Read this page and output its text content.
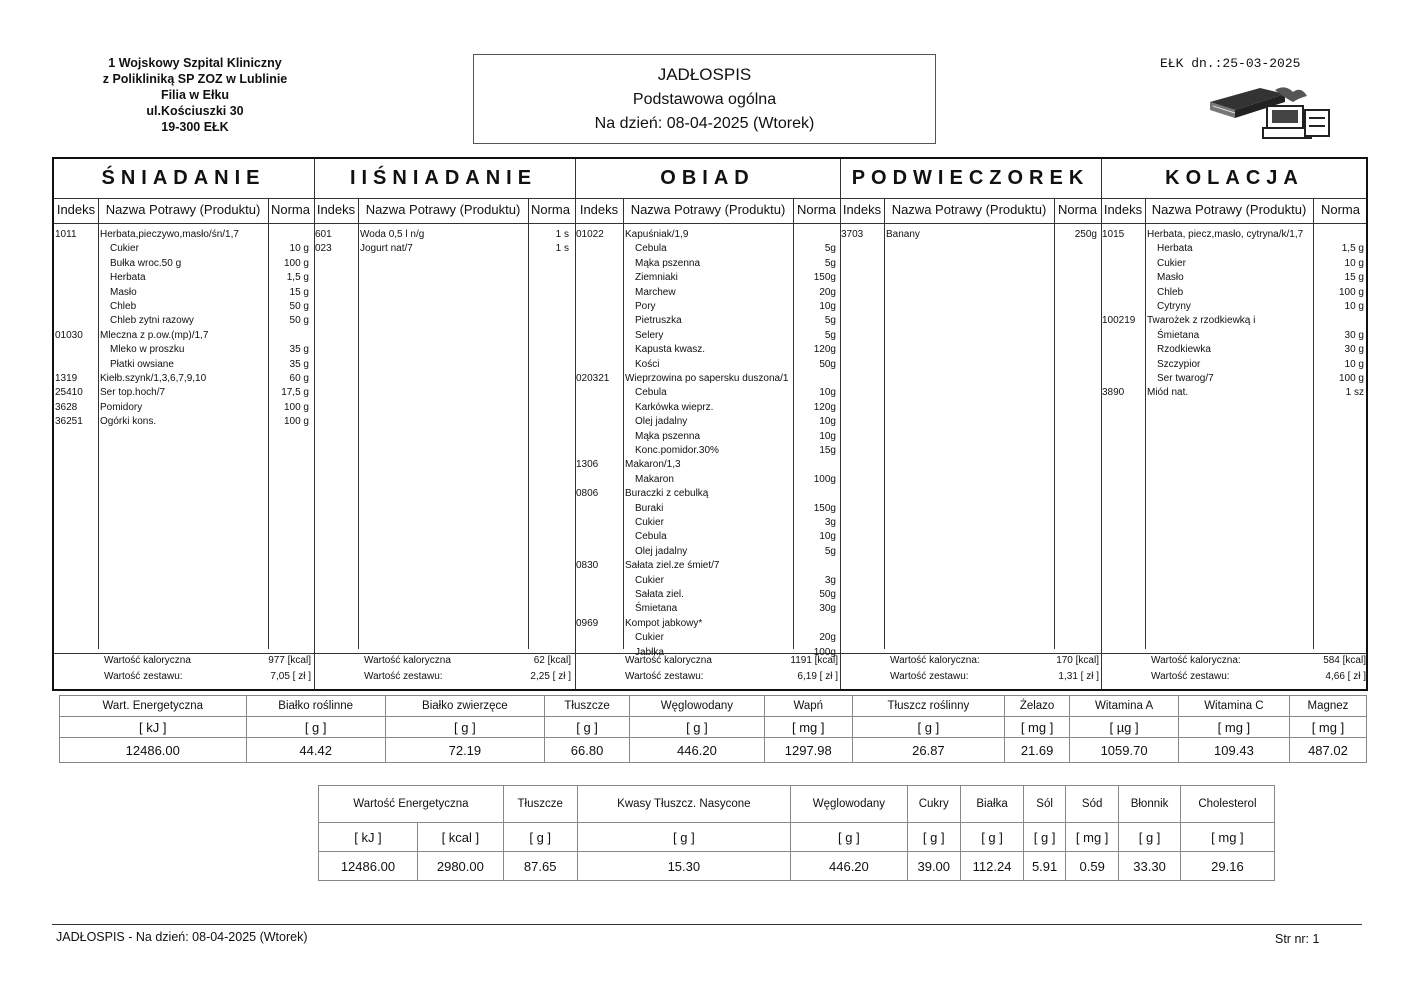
1 Wojskowy Szpital Kliniczny
z Polikliniką SP ZOZ w Lublinie
Filia w Ełku
ul.Kościuszki 30
19-300 EŁK
JADŁOSPIS
Podstawowa ogólna
Na dzień: 08-04-2025 (Wtorek)
EŁK dn.:25-03-2025
ŚNIADANIE
Indeks Nazwa Potrawy (Produktu) Norma
1011	Herbata,pieczywo,masło/śn/1,7
Cukier	10 g
Bułka wroc.50 g	100 g
Herbata	1,5 g
Masło	15 g
Chleb	50 g
Chleb zytni razowy	50 g
01030	Mleczna z p.ow.(mp)/1,7
Mleko w proszku	35 g
Płatki owsiane	35 g
1319	Kiełb.szynk/1,3,6,7,9,10	60 g
25410	Ser top.hoch/7	17,5 g
3628	Pomidory	100 g
36251	Ogórki kons.	100 g
Wartość kaloryczna	977 [kcal]
Wartość zestawu:	7,05 [ zł ]
IIŚNIADANIE
Indeks Nazwa Potrawy (Produktu) Norma
601	Woda 0,5 l n/g	1 s
023	Jogurt nat/7	1 s
Wartość kaloryczna	62 [kcal]
Wartość zestawu:	2,25 [ zł ]
OBIAD
Indeks Nazwa Potrawy (Produktu) Norma
01022	Kapuśniak/1,9
Cebula	5g
Mąka pszenna	5g
Ziemniaki	150g
Marchew	20g
Pory	10g
Pietruszka	5g
Selery	5g
Kapusta kwasz.	120g
Kości	50g
020321	Wieprzowina po sapersku duszona/1
Cebula	10g
Karkówka wieprz.	120g
Olej jadalny	10g
Mąka pszenna	10g
Konc.pomidor.30%	15g
1306	Makaron/1,3
Makaron	100g
0806	Buraczki z cebulką
Buraki	150g
Cukier	3g
Cebula	10g
Olej jadalny	5g
0830	Sałata ziel.ze śmiet/7
Cukier	3g
Sałata ziel.	50g
Śmietana	30g
0969	Kompot jabkowy*
Cukier	20g
Jabłka	100g
Wartość kaloryczna	1191 [kcal]
Wartość zestawu:	6,19 [ zł ]
PODWIECZOREK
Indeks Nazwa Potrawy (Produktu) Norma
3703	Banany	250g
Wartość kaloryczna:	170 [kcal]
Wartość zestawu:	1,31 [ zł ]
KOLACJA
Indeks Nazwa Potrawy (Produktu)	Norma
1015	Herbata, piecz,masło, cytryna/k/1,7
Herbata	1,5 g
Cukier	10 g
Masło	15 g
Chleb	100 g
Cytryny	10 g
100219	Twarożek z rzodkiewką i
Śmietana	30 g
Rzodkiewka	30 g
Szczypior	10 g
Ser twarog/7	100 g
3890	Miód nat.	1 sz
Wartość kaloryczna:	584 [kcal]
Wartość zestawu:	4,66 [ zł ]
Wart. Energetyczna	Białko roślinne	Białko zwierzęce	Tłuszcze	Węglowodany	Wapń	Tłuszcz roślinny	Żelazo	Witamina A	Witamina C	Magnez
[ kJ ]	[ g ]	[ g ]	[ g ]	[ g ]	[ mg ]	[ g ]	[ mg ]	[ µg ]	[ mg ]	[ mg ]
12486.00	44.42	72.19	66.80	446.20	1297.98	26.87	21.69	1059.70	109.43	487.02
Wartość Energetyczna		Tłuszcze	Kwasy Tłuszcz. Nasycone	Węglowodany	Cukry	Białka	Sól	Sód	Błonnik	Cholesterol
[ kJ ]	[ kcal ]	[ g ]	[ g ]	[ g ]	[ g ]	[ g ]	[ g ]	[ mg ]	[ g ]	[ mg ]
12486.00	2980.00	87.65	15.30	446.20	39.00	112.24	5.91	0.59	33.30	29.16
JADŁOSPIS - Na dzień: 08-04-2025 (Wtorek)	Str nr: 1
